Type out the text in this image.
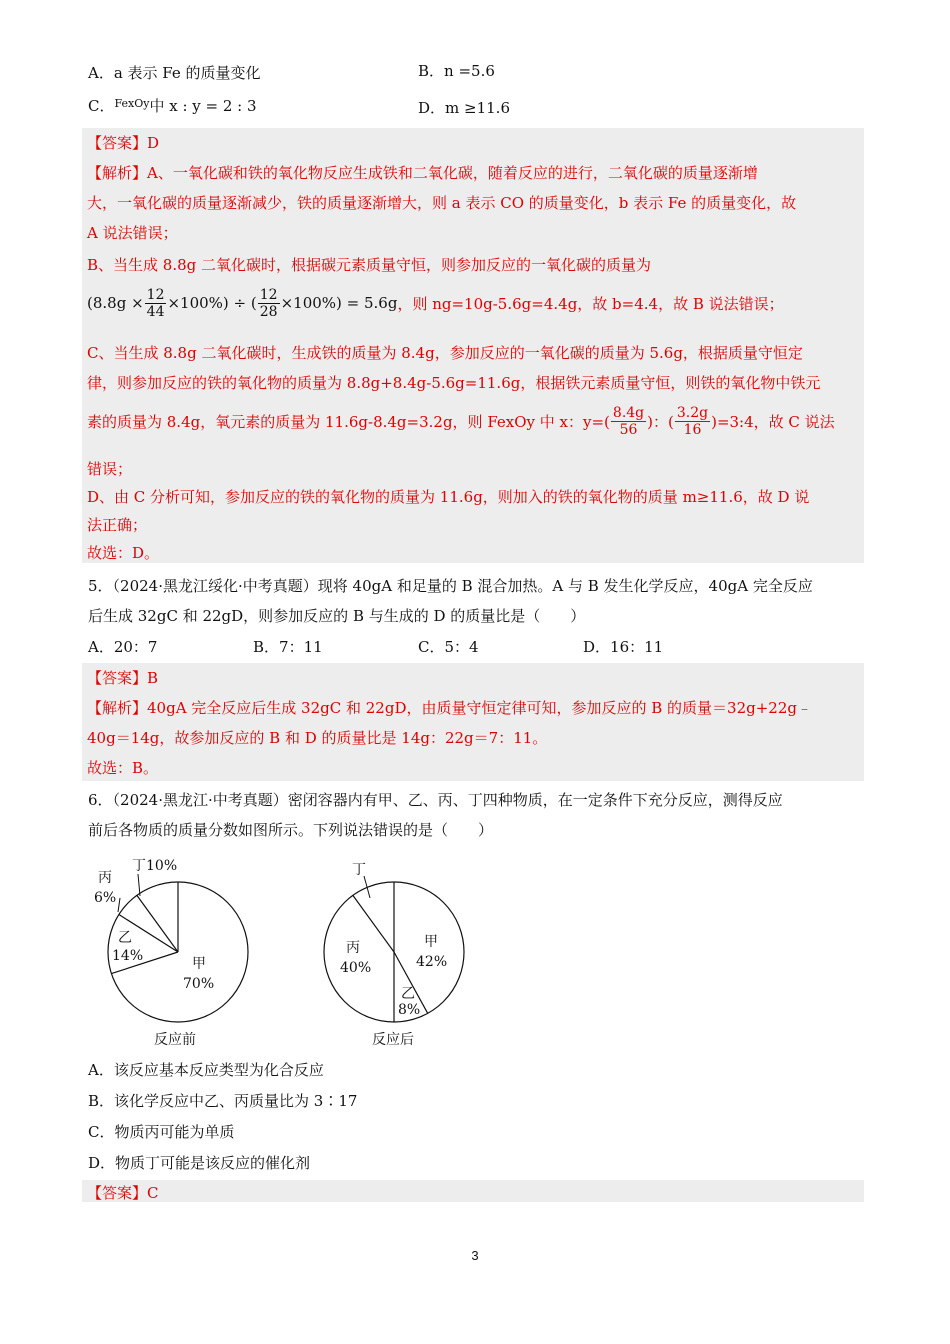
A．a 表示 Fe 的质量变化	B．n =5.6
C．$^{FexOy}$中 x : y = 2 : 3	D．m ≥11.6
【答案】D
【解析】A、一氧化碳和铁的氧化物反应生成铁和二氧化碳，随着反应的进行，二氧化碳的质量逐渐增
大，一氧化碳的质量逐渐减少，铁的质量逐渐增大，则 a 表示 CO 的质量变化，b 表示 Fe 的质量变化，故
A 说法错误；
B、当生成 8.8g 二氧化碳时，根据碳元素质量守恒，则参加反应的一氧化碳的质量为
$(8.8g \times \frac{12}{44} \times 100\%)$ ÷ ( $\frac{12}{28} \times 100\%) = 5.6g$ ，则 ng=10g-5.6g=4.4g，故 b=4.4，故 B 说法错误；
C、当生成 8.8g 二氧化碳时，生成铁的质量为 8.4g，参加反应的一氧化碳的质量为 5.6g，根据质量守恒定
律，则参加反应的铁的氧化物的质量为 8.8g+8.4g-5.6g=11.6g，根据铁元素质量守恒，则铁的氧化物中铁元
素的质量为 8.4g，氧元素的质量为 11.6g-8.4g=3.2g，则 FexOy 中 x：$y=( \frac{8.4g}{56}$ )：( $\frac{3.2g}{16}$ )=3:4，故 C 说法
错误；
D、由 C 分析可知，参加反应的铁的氧化物的质量为 11.6g，则加入的铁的氧化物的质量 m≥11.6，故 D 说
法正确；
故选：D。
5．（2024·黑龙江绥化·中考真题）现将 40gA 和足量的 B 混合加热。A 与 B 发生化学反应，40gA 完全反应
后生成 32gC 和 22gD，则参加反应的 B 与生成的 D 的质量比是（　　）
A．20：7	B．7：11	C．5：4	D．16：11
【答案】B
【解析】40gA 完全反应后生成 32gC 和 22gD，由质量守恒定律可知，参加反应的 B 的质量＝32g+22g﹣
40g＝14g，故参加反应的 B 和 D 的质量比是 14g：22g＝7：11。
故选：B。
6．（2024·黑龙江·中考真题）密闭容器内有甲、乙、丙、丁四种物质，在一定条件下充分反应，测得反应
前后各物质的质量分数如图所示。下列说法错误的是（　　）
甲 70%
乙 14%
丙 6%
丁10%
反应前
甲 42%
乙 8%
丙 40%
丁
反应后
A．该反应基本反应类型为化合反应
B．该化学反应中乙、丙质量比为 3∶17
C．物质丙可能为单质
D．物质丁可能是该反应的催化剂
【答案】C
3
